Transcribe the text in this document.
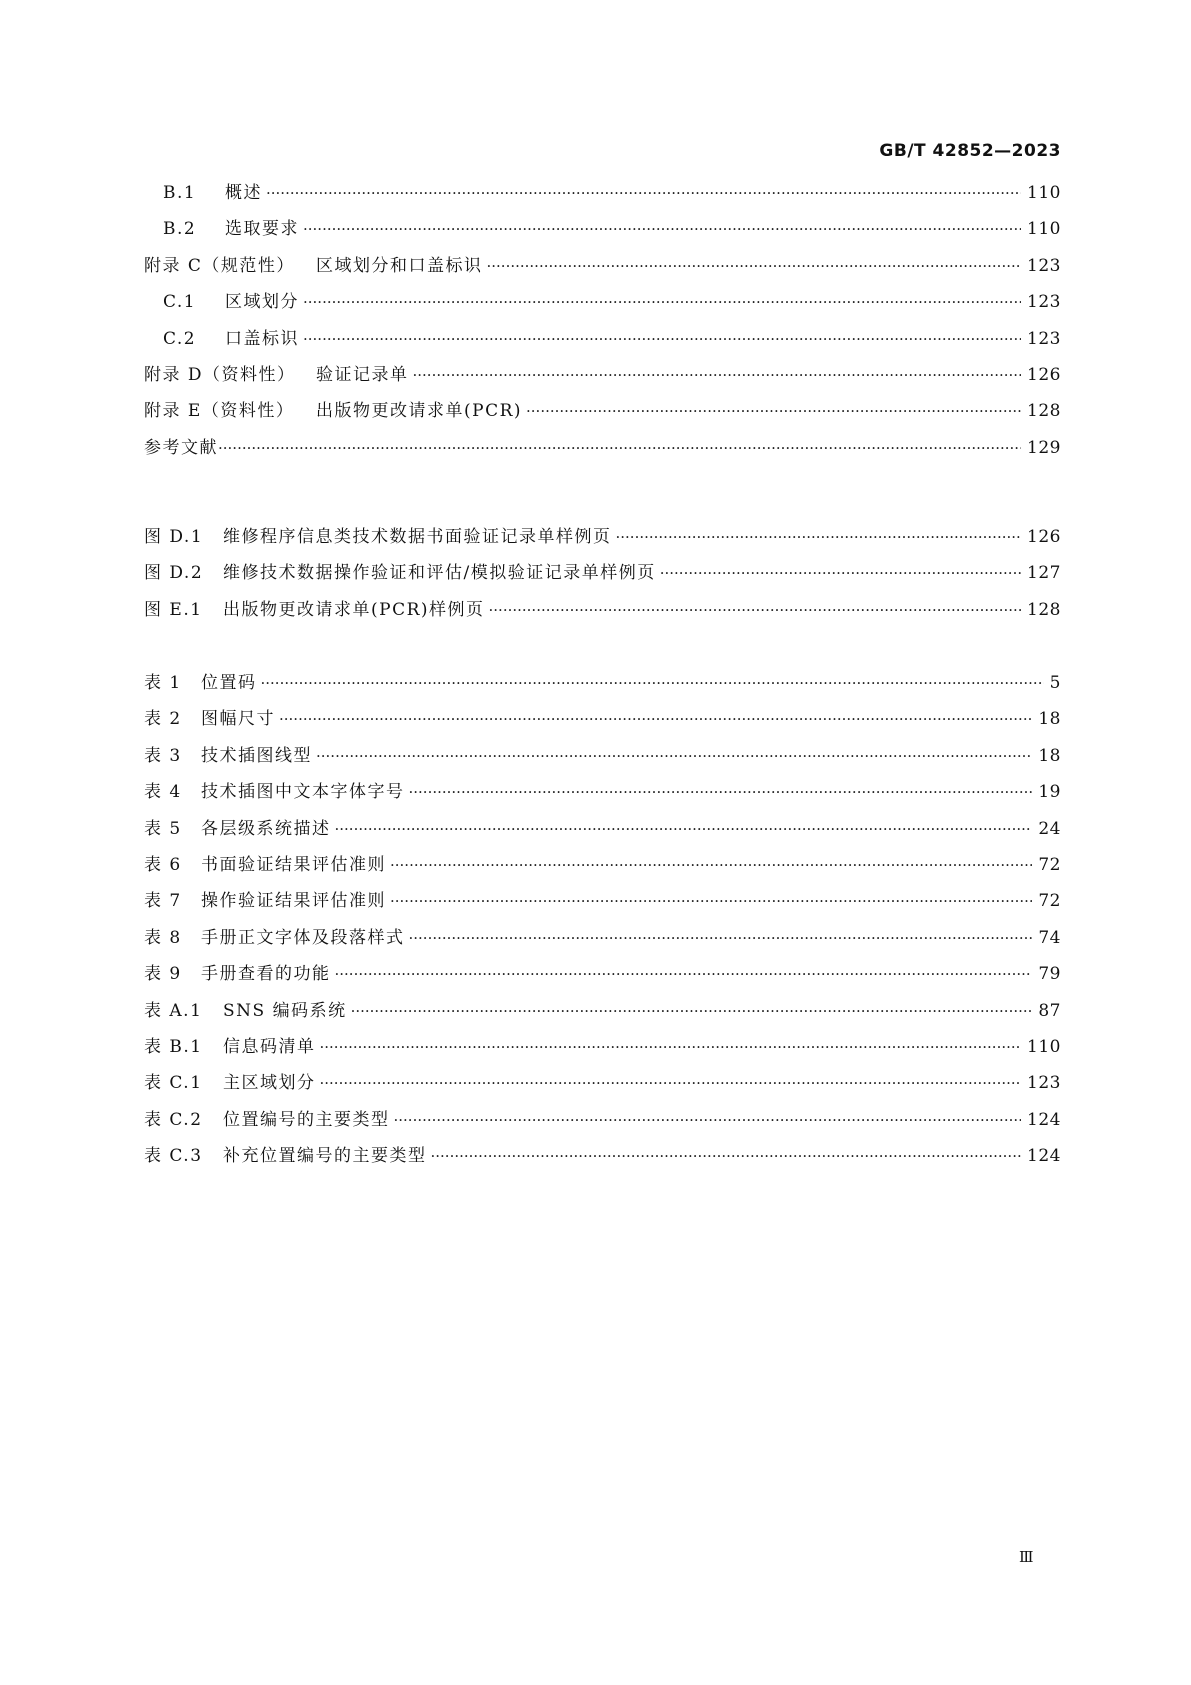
GB/T 42852—2023
B.1	概述 ·····	110
B.2	选取要求 ·····	110
附录 C（规范性）	区域划分和口盖标识 ·····	123
C.1	区域划分 ·····	123
C.2	口盖标识 ·····	123
附录 D（资料性）	验证记录单 ·····	126
附录 E（资料性）	出版物更改请求单(PCR) ·····	128
参考文献 ·····	129
图 D.1	维修程序信息类技术数据书面验证记录单样例页 ·····	126
图 D.2	维修技术数据操作验证和评估/模拟验证记录单样例页 ·····	127
图 E.1	出版物更改请求单(PCR)样例页 ·····	128
表 1	位置码 ·····	5
表 2	图幅尺寸 ·····	18
表 3	技术插图线型 ·····	18
表 4	技术插图中文本字体字号 ·····	19
表 5	各层级系统描述 ·····	24
表 6	书面验证结果评估准则 ·····	72
表 7	操作验证结果评估准则 ·····	72
表 8	手册正文字体及段落样式 ·····	74
表 9	手册查看的功能 ·····	79
表 A.1	SNS 编码系统 ·····	87
表 B.1	信息码清单 ·····	110
表 C.1	主区域划分 ·····	123
表 C.2	位置编号的主要类型 ·····	124
表 C.3	补充位置编号的主要类型 ·····	124
Ⅲ
